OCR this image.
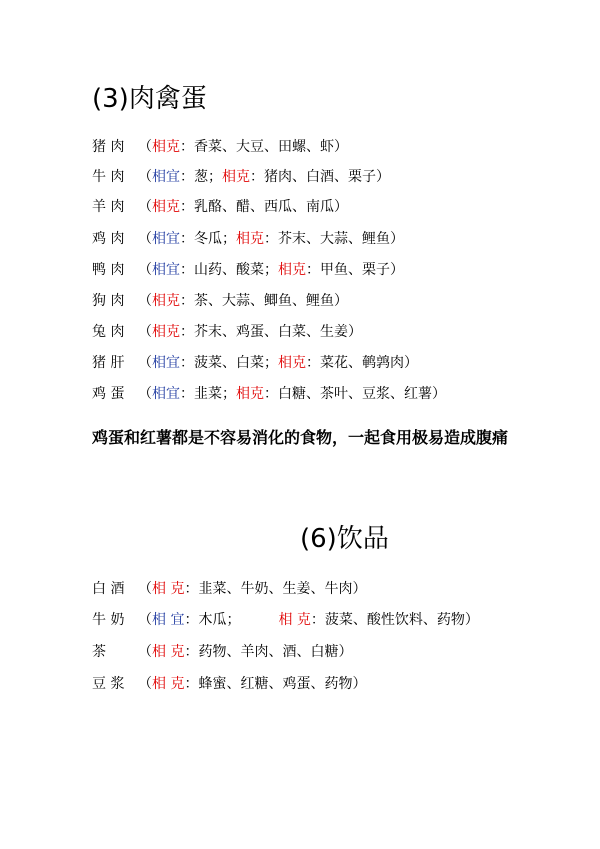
(3)肉禽蛋
猪 肉 （相克：香菜、大豆、田螺、虾）
牛 肉 （相宜：葱；相克：猪肉、白酒、栗子）
羊 肉 （相克：乳酪、醋、西瓜、南瓜）
鸡 肉 （相宜：冬瓜；相克：芥末、大蒜、鲤鱼）
鸭 肉 （相宜：山药、酸菜；相克：甲鱼、栗子）
狗 肉 （相克：茶、大蒜、鲫鱼、鲤鱼）
兔 肉 （相克：芥末、鸡蛋、白菜、生姜）
猪 肝 （相宜：菠菜、白菜；相克：菜花、鹌鹑肉）
鸡 蛋 （相宜：韭菜；相克：白糖、茶叶、豆浆、红薯）
鸡蛋和红薯都是不容易消化的食物，一起食用极易造成腹痛
(6)饮品
白 酒 （相 克：韭菜、牛奶、生姜、牛肉）
牛 奶 （相 宜：木瓜；	相 克：菠菜、酸性饮料、药物）
茶 （相 克：药物、羊肉、酒、白糖）
豆 浆 （相 克：蜂蜜、红糖、鸡蛋、药物）
